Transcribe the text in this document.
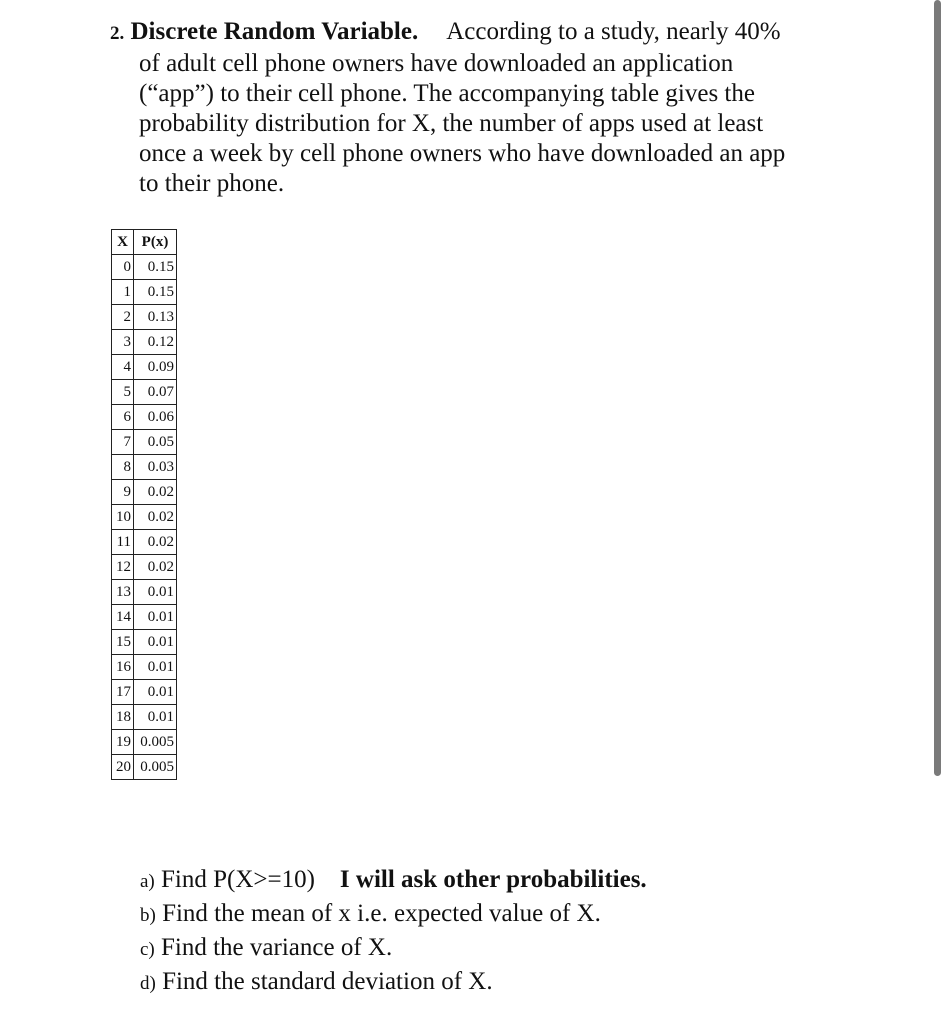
2. Discrete Random Variable. According to a study, nearly 40%
of adult cell phone owners have downloaded an application
(“app”) to their cell phone. The accompanying table gives the
probability distribution for X, the number of apps used at least
once a week by cell phone owners who have downloaded an app
to their phone.
X	P(x)
0	0.15
1	0.15
2	0.13
3	0.12
4	0.09
5	0.07
6	0.06
7	0.05
8	0.03
9	0.02
10	0.02
11	0.02
12	0.02
13	0.01
14	0.01
15	0.01
16	0.01
17	0.01
18	0.01
19	0.005
20	0.005
a) Find P(X>=10) I will ask other probabilities.
b) Find the mean of x i.e. expected value of X.
c) Find the variance of X.
d) Find the standard deviation of X.
